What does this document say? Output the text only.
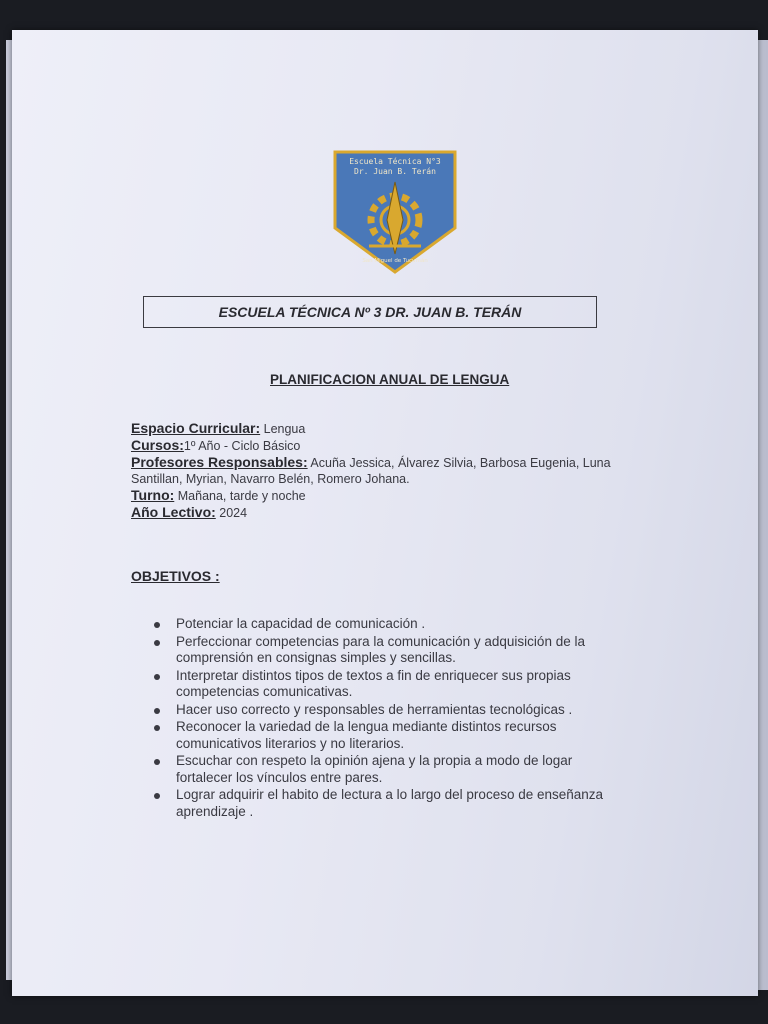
Escuela Técnica N°3
Dr. Juan B. Terán
San Miguel de Tucumán
ESCUELA TÉCNICA Nº 3 DR. JUAN B. TERÁN
PLANIFICACION ANUAL DE LENGUA
Espacio Curricular: Lengua
Cursos:1º Año - Ciclo Básico
Profesores Responsables: Acuña Jessica, Álvarez Silvia, Barbosa Eugenia, Luna Santillan, Myrian, Navarro Belén, Romero Johana.
Turno: Mañana, tarde y noche
Año Lectivo: 2024
OBJETIVOS :
Potenciar la capacidad de comunicación .
Perfeccionar competencias para la comunicación y adquisición de la comprensión en consignas simples y sencillas.
Interpretar distintos tipos de textos a fin de enriquecer sus propias competencias comunicativas.
Hacer uso correcto y responsables de herramientas tecnológicas .
Reconocer la variedad de la lengua mediante distintos recursos comunicativos literarios y no literarios.
Escuchar con respeto la opinión ajena y la propia a modo de logar fortalecer los vínculos entre pares.
Lograr adquirir el habito de lectura a lo largo del proceso de enseñanza aprendizaje .
